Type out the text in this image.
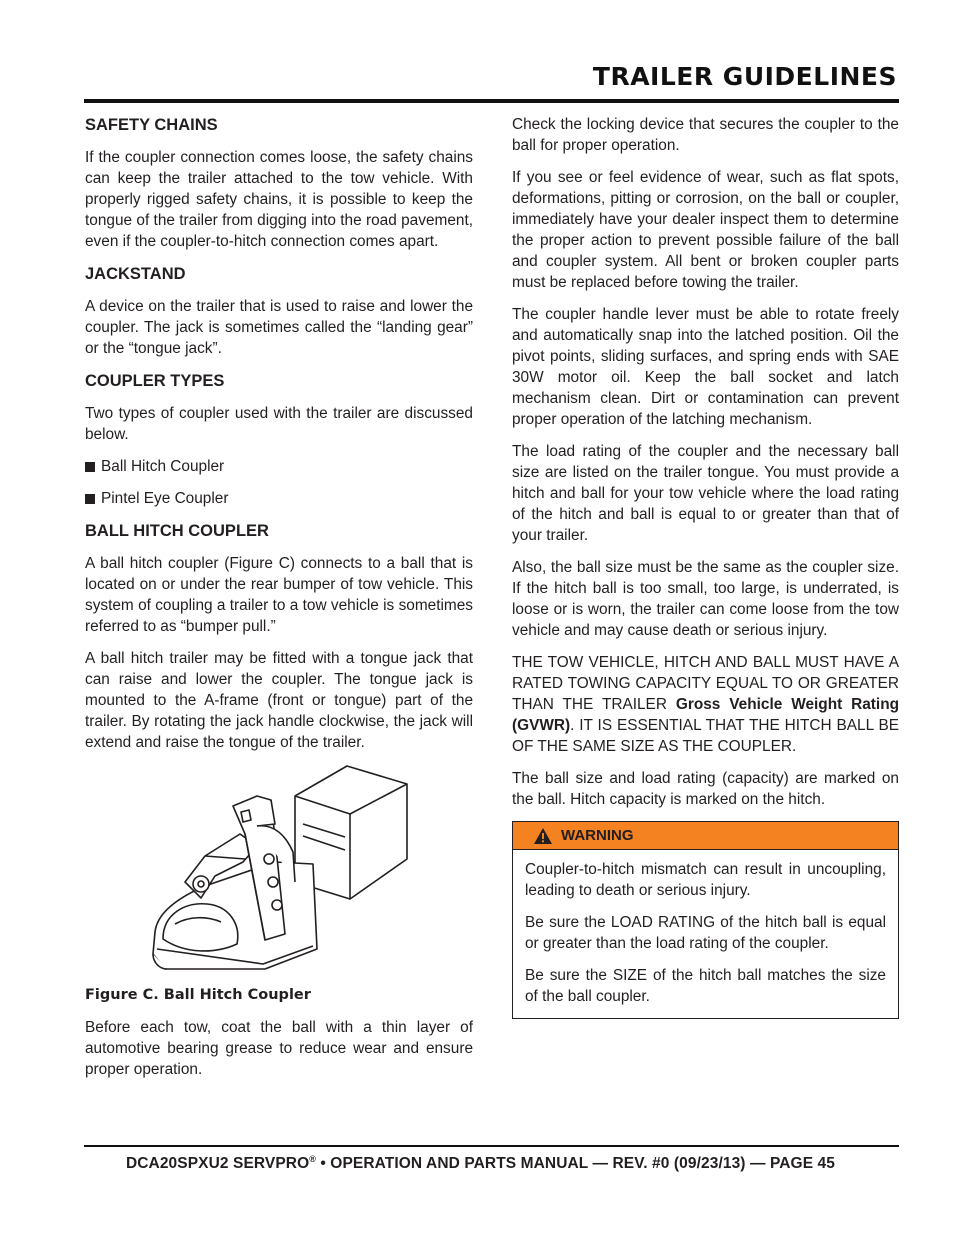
TRAILER GUIDELINES
SAFETY CHAINS

If the coupler connection comes loose, the safety chains can keep the trailer attached to the tow vehicle. With properly rigged safety chains, it is possible to keep the tongue of the trailer from digging into the road pavement, even if the coupler-to-hitch connection comes apart.

JACKSTAND

A device on the trailer that is used to raise and lower the coupler. The jack is sometimes called the “landing gear” or the “tongue jack”.

COUPLER TYPES

Two types of coupler used with the trailer are discussed below.

Ball Hitch Coupler
Pintel Eye Coupler
BALL HITCH COUPLER

A ball hitch coupler (Figure C) connects to a ball that is located on or under the rear bumper of tow vehicle. This system of coupling a trailer to a tow vehicle is sometimes referred to as “bumper pull.”

A ball hitch trailer may be fitted with a tongue jack that can raise and lower the coupler. The tongue jack is mounted to the A-frame (front or tongue) part of the trailer. By rotating the jack handle clockwise, the jack will extend and raise the tongue of the trailer.

Figure C. Ball Hitch Coupler

Before each tow, coat the ball with a thin layer of automotive bearing grease to reduce wear and ensure proper operation.

Check the locking device that secures the coupler to the ball for proper operation.

If you see or feel evidence of wear, such as flat spots, deformations, pitting or corrosion, on the ball or coupler, immediately have your dealer inspect them to determine the proper action to prevent possible failure of the ball and coupler system. All bent or broken coupler parts must be replaced before towing the trailer.

The coupler handle lever must be able to rotate freely and automatically snap into the latched position. Oil the pivot points, sliding surfaces, and spring ends with SAE 30W motor oil. Keep the ball socket and latch mechanism clean. Dirt or contamination can prevent proper operation of the latching mechanism.

The load rating of the coupler and the necessary ball size are listed on the trailer tongue. You must provide a hitch and ball for your tow vehicle where the load rating of the hitch and ball is equal to or greater than that of your trailer.

Also, the ball size must be the same as the coupler size. If the hitch ball is too small, too large, is underrated, is loose or is worn, the trailer can come loose from the tow vehicle and may cause death or serious injury.

THE TOW VEHICLE, HITCH AND BALL MUST HAVE A RATED TOWING CAPACITY EQUAL TO OR GREATER THAN THE TRAILER Gross Vehicle Weight Rating (GVWR). IT IS ESSENTIAL THAT THE HITCH BALL BE OF THE SAME SIZE AS THE COUPLER.

The ball size and load rating (capacity) are marked on the ball. Hitch capacity is marked on the hitch.

WARNING

Coupler-to-hitch mismatch can result in uncoupling, leading to death or serious injury.

Be sure the LOAD RATING of the hitch ball is equal or greater than the load rating of the coupler.

Be sure the SIZE of the hitch ball matches the size of the ball coupler.

DCA20SPXU2 SERVPRO® • OPERATION AND PARTS MANUAL — REV. #0 (09/23/13) — PAGE 45
